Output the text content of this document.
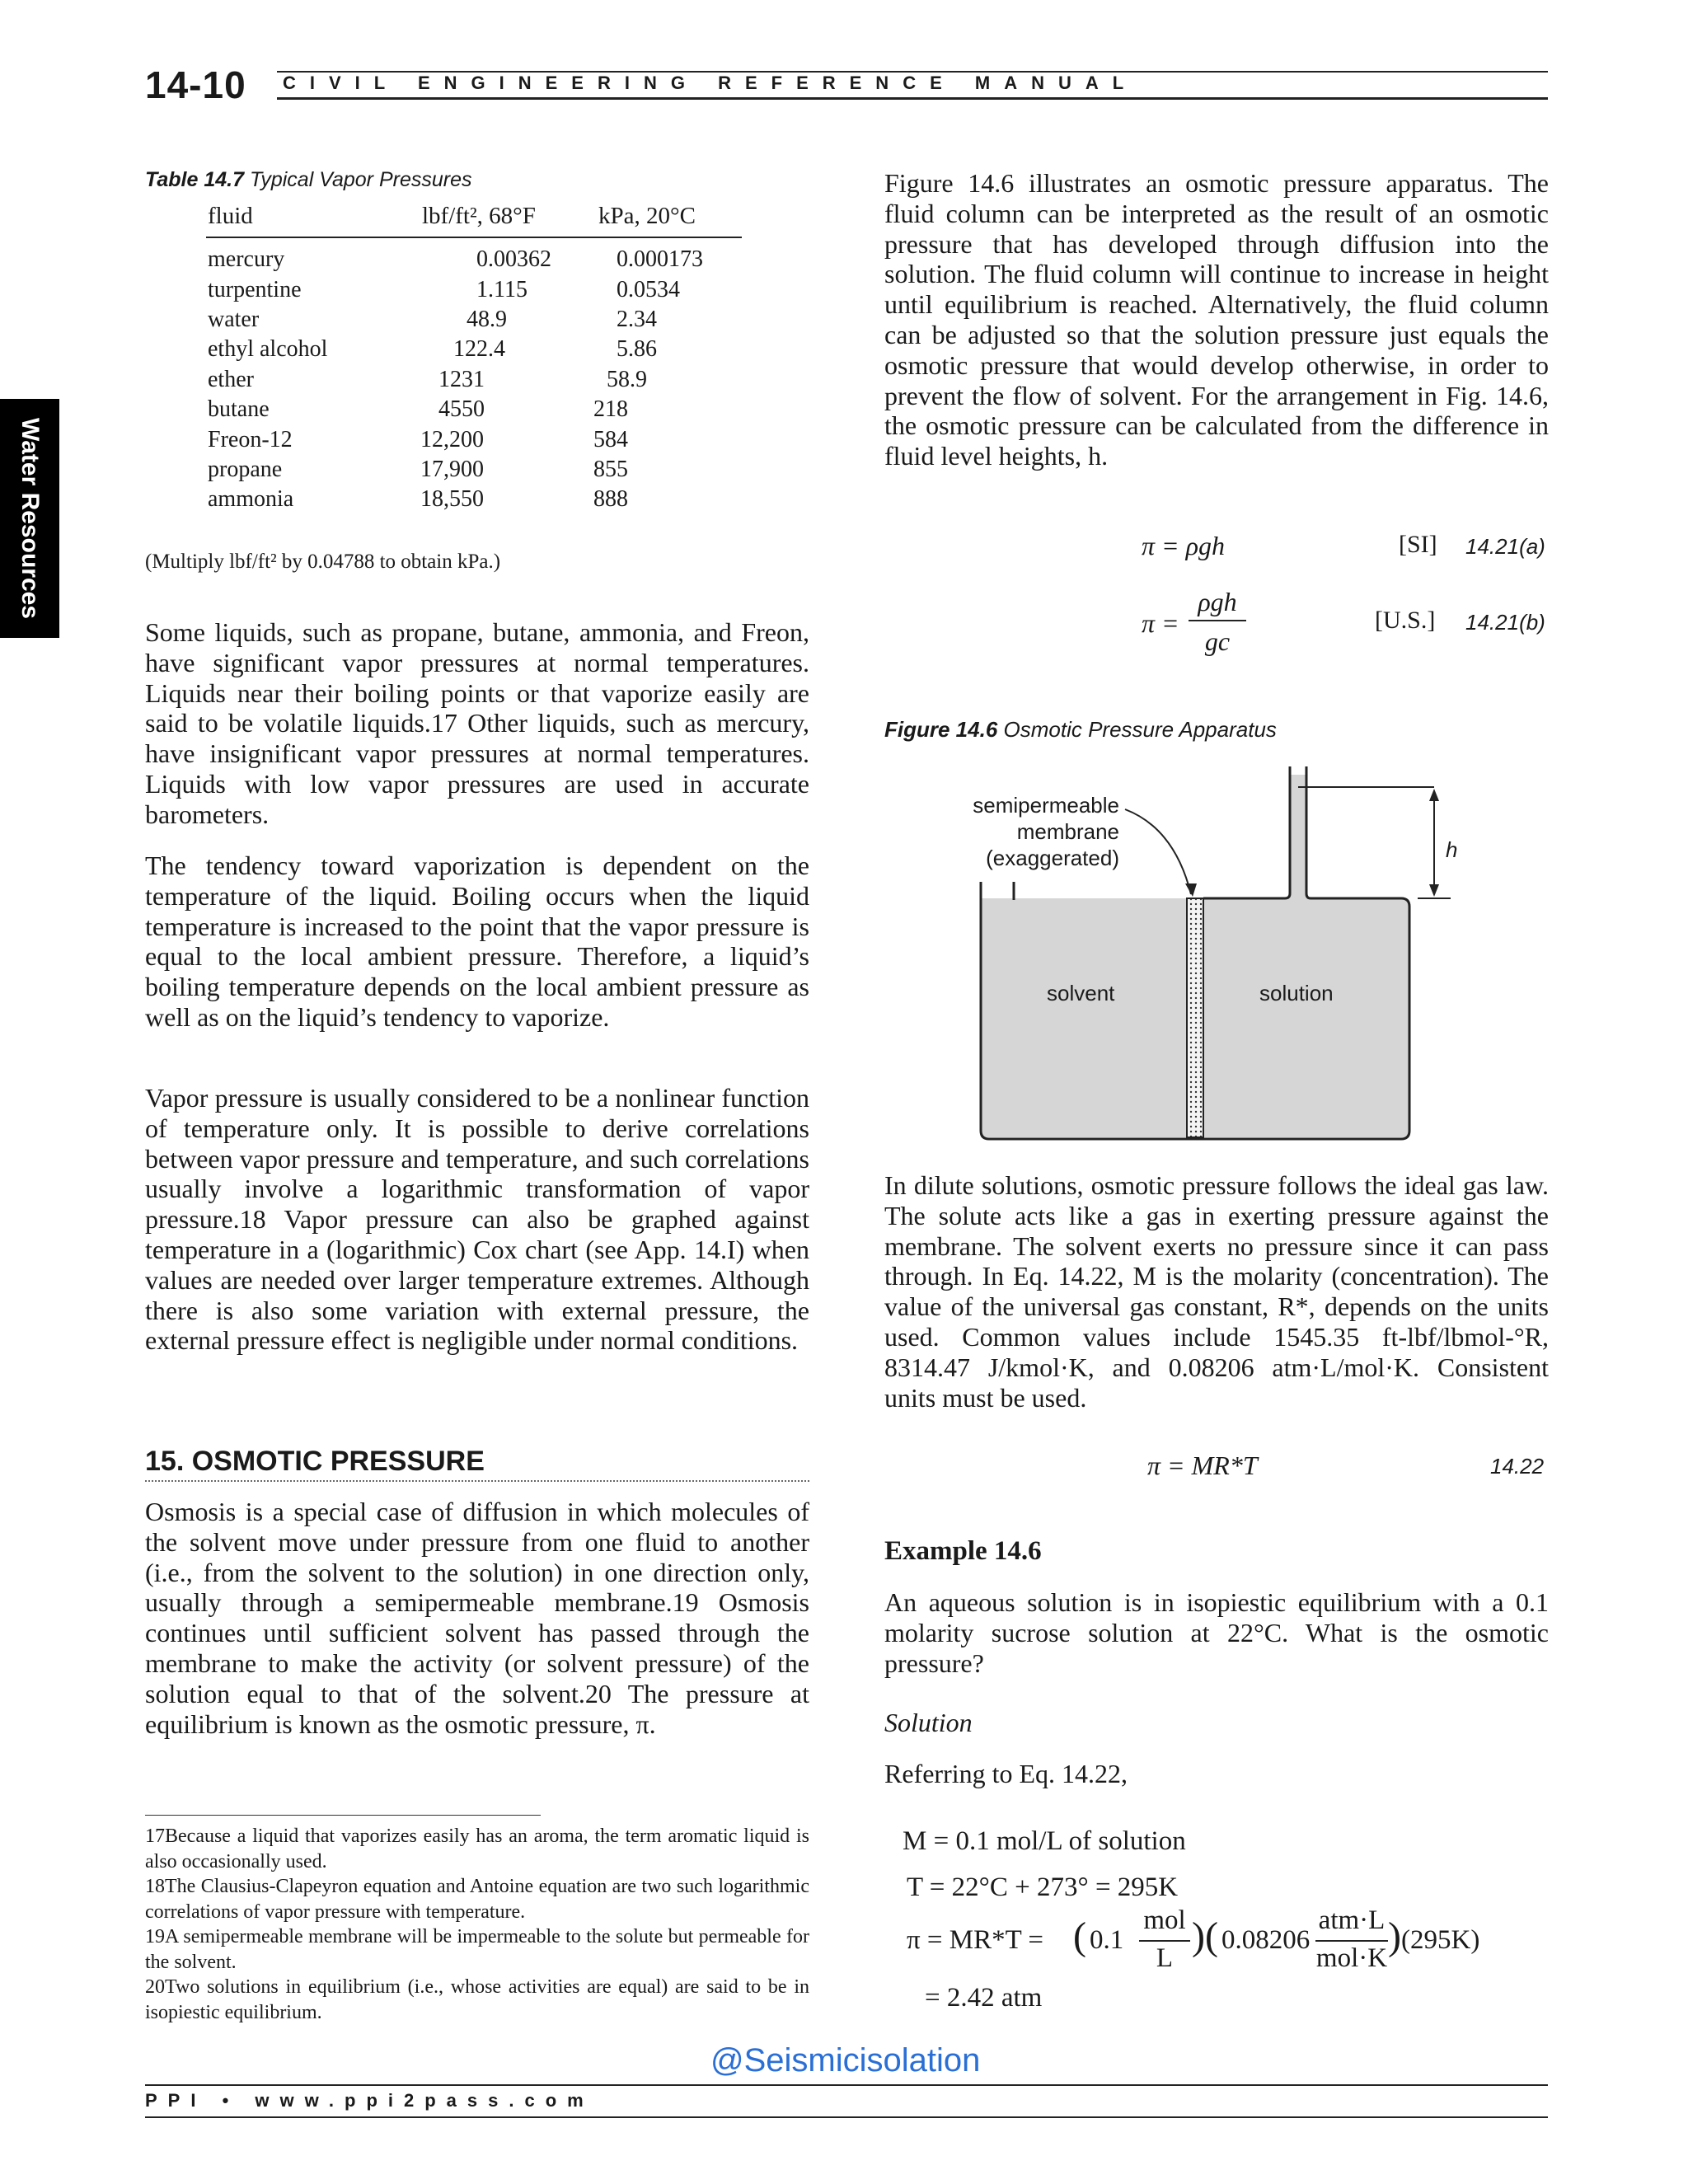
14-10 CIVIL ENGINEERING REFERENCE MANUAL
Water Resources
Table 14.7 Typical Vapor Pressures
fluid	lbf/ft², 68°F	kPa, 20°C
mercury	0.00362	0.000173
turpentine	1.115	0.0534
water	48.9	2.34
ethyl alcohol	122.4	5.86
ether	1231	58.9
butane	4550	218
Freon-12	12,200	584
propane	17,900	855
ammonia	18,550	888
(Multiply lbf/ft² by 0.04788 to obtain kPa.)
Some liquids, such as propane, butane, ammonia, and Freon, have significant vapor pressures at normal temperatures. Liquids near their boiling points or that vaporize easily are said to be volatile liquids.17 Other liquids, such as mercury, have insignificant vapor pressures at normal temperatures. Liquids with low vapor pressures are used in accurate barometers.
The tendency toward vaporization is dependent on the temperature of the liquid. Boiling occurs when the liquid temperature is increased to the point that the vapor pressure is equal to the local ambient pressure. Therefore, a liquid’s boiling temperature depends on the local ambient pressure as well as on the liquid’s tendency to vaporize.
Vapor pressure is usually considered to be a nonlinear function of temperature only. It is possible to derive correlations between vapor pressure and temperature, and such correlations usually involve a logarithmic transformation of vapor pressure.18 Vapor pressure can also be graphed against temperature in a (logarithmic) Cox chart (see App. 14.I) when values are needed over larger temperature extremes. Although there is also some variation with external pressure, the external pressure effect is negligible under normal conditions.
15. OSMOTIC PRESSURE
Osmosis is a special case of diffusion in which molecules of the solvent move under pressure from one fluid to another (i.e., from the solvent to the solution) in one direction only, usually through a semipermeable membrane.19 Osmosis continues until sufficient solvent has passed through the membrane to make the activity (or solvent pressure) of the solution equal to that of the solvent.20 The pressure at equilibrium is known as the osmotic pressure, π.
17Because a liquid that vaporizes easily has an aroma, the term aromatic liquid is also occasionally used.
18The Clausius-Clapeyron equation and Antoine equation are two such logarithmic correlations of vapor pressure with temperature.
19A semipermeable membrane will be impermeable to the solute but permeable for the solvent.
20Two solutions in equilibrium (i.e., whose activities are equal) are said to be in isopiestic equilibrium.
Figure 14.6 illustrates an osmotic pressure apparatus. The fluid column can be interpreted as the result of an osmotic pressure that has developed through diffusion into the solution. The fluid column will continue to increase in height until equilibrium is reached. Alternatively, the fluid column can be adjusted so that the solution pressure just equals the osmotic pressure that would develop otherwise, in order to prevent the flow of solvent. For the arrangement in Fig. 14.6, the osmotic pressure can be calculated from the difference in fluid level heights, h.
π = ρgh	[SI] 14.21(a)
π =
ρgh
gc
[U.S.] 14.21(b)
Figure 14.6 Osmotic Pressure Apparatus
semipermeable
membrane
(exaggerated)
solvent	solution
h
In dilute solutions, osmotic pressure follows the ideal gas law. The solute acts like a gas in exerting pressure against the membrane. The solvent exerts no pressure since it can pass through. In Eq. 14.22, M is the molarity (concentration). The value of the universal gas constant, R*, depends on the units used. Common values include 1545.35 ft-lbf/lbmol-°R, 8314.47 J/kmol·K, and 0.08206 atm·L/mol·K. Consistent units must be used.
π = MR*T	14.22
Example 14.6
An aqueous solution is in isopiestic equilibrium with a 0.1 molarity sucrose solution at 22°C. What is the osmotic pressure?
Solution
Referring to Eq. 14.22,
M = 0.1 mol/L of solution
T = 22°C + 273° = 295K
π = MR*T = ( 0.1
mol
L ) ( 0.08206
atm·L
mol·K ) (295K)
= 2.42 atm
@Seismicisolation
PPI • www.ppi2pass.com
